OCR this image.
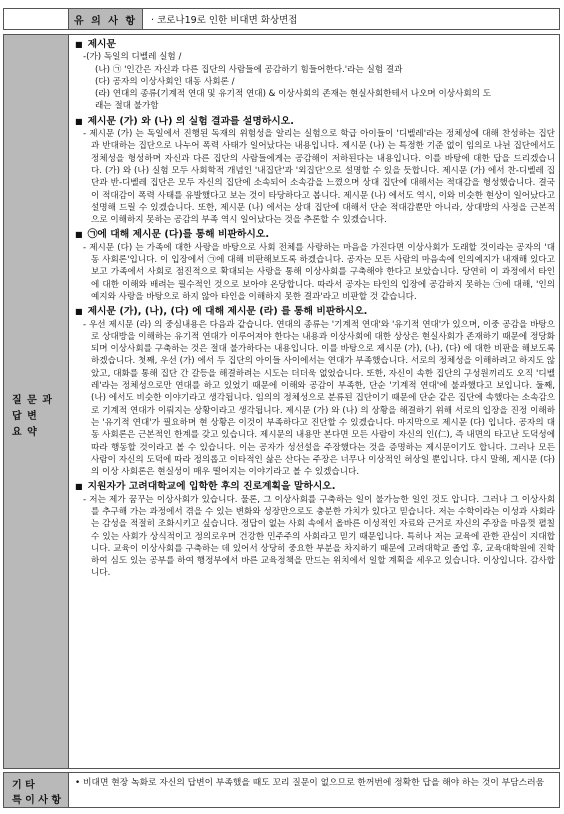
유 의 사 항	· 코로나19로 인한 비대면 화상면접
질 문 과
답 변
요 약
■ 제시문
-(가) 독일의 디벨레 실험 /
(나) ㉠ '인간은 자신과 다른 집단의 사람들에 공감하기 힘들어한다.'라는 실험 결과
(다) 공자의 이상사회인 대동 사회론 /
(라) 연대의 종류(기계적 연대 및 유기적 연대) & 이상사회의 존재는 현실사회한테서 나오며 이상사회의 도
래는 절대 불가함
■ 제시문 (가) 와 (나) 의 실험 결과를 설명하시오.
- 제시문 (가) 는 독일에서 진행된 독재의 위험성을 알리는 실험으로 학급 아이들이 '디벨레'라는 정체성에 대해 찬성하는 집단과 반대하는 집단으로 나누어 폭력 사태가 일어났다는 내용입니다. 제시문 (나) 는 특정한 기준 없이 임의로 나뉜 집단에서도 정체성을 형성하며 자신과 다른 집단의 사람들에게는 공감해이 저하된다는 내용입니다. 이를 바탕에 대한 답을 드리겠습니다. (가) 와 (나) 실험 모두 사회학적 개념인 '내집단'과 '외집단'으로 설명할 수 있을 듯합니다. 제시문 (가) 에서 찬-디벨레 집단과 반-디벨레 집단은 모두 자신의 집단에 소속되어 소속감을 느꼈으며 상대 집단에 대해서는 적대감을 형성했습니다. 결국 이 적대감이 폭력 사태를 유발했다고 보는 것이 타당하다고 봅니다. 제시문 (나) 에서도 역시, 이와 비슷한 현상이 일어났다고 설명해 드릴 수 있겠습니다. 또한, 제시문 (나) 에서는 상대 집단에 대해서 단순 적대감뿐만 아니라, 상대방의 사정을 근본적으로 이해하지 못하는 공감의 부족 역시 일어났다는 것을 추론할 수 있겠습니다.
■ ㉠에 대해 제시문 (다)를 통해 비판하시오.
- 제시문 (다) 는 가족에 대한 사랑을 바탕으로 사회 전체를 사랑하는 마음을 가진다면 이상사회가 도래할 것이라는 공자의 '대동 사회론'입니다. 이 입장에서 ㉠에 대해 비판해보도록 하겠습니다. 공자는 모든 사람의 마음속에 인의예지가 내재해 있다고 보고 가족에서 사회로 점진적으로 확대되는 사랑을 통해 이상사회를 구축해야 한다고 보았습니다. 당연히 이 과정에서 타인에 대한 이해와 배려는 필수적인 것으로 보아야 온당합니다. 따라서 공자는 타인의 입장에 공감하지 못하는 ㉠에 대해, '인의예지와 사랑을 바탕으로 하지 않아 타인을 이해하지 못한 결과'라고 비판할 것 같습니다.
■ 제시문 (가), (나), (다) 에 대해 제시문 (라) 를 통해 비판하시오.
- 우선 제시문 (라) 의 중심내용은 다음과 같습니다. 연대의 종류는 '기계적 연대'와 '유기적 연대'가 있으며, 이중 공감을 바탕으로 상대방을 이해하는 유기적 연대가 이루어져야 한다는 내용과 이상사회에 대한 상상은 현실사회가 존재하기 때문에 정당화되며 이상사회를 구축하는 것은 절대 불가하다는 내용입니다. 이를 바탕으로 제시문 (가), (나), (다) 에 대한 비판을 해보도록 하겠습니다. 첫째, 우선 (가) 에서 두 집단의 아이들 사이에서는 연대가 부족했습니다. 서로의 정체성을 이해하려고 하지도 않았고, 대화를 통해 집단 간 갈등을 해결하려는 시도는 더더욱 없었습니다. 또한, 자신이 속한 집단의 구성원끼리도 오직 '디벨레'라는 정체성으로만 연대를 하고 있었기 때문에 이해와 공감이 부족한, 단순 '기계적 연대'에 불과했다고 보입니다. 둘째, (나) 에서도 비슷한 이야기라고 생각됩니다. 임의의 정체성으로 분류된 집단이기 때문에 단순 같은 집단에 속했다는 소속감으로 기계적 연대가 이뤄지는 상황이라고 생각됩니다. 제시문 (가) 와 (나) 의 상황을 해결하기 위해 서로의 입장을 진정 이해하는 '유기적 연대'가 필요하며 현 상황은 이것이 부족하다고 진단할 수 있겠습니다. 마지막으로 제시문 (다) 입니다. 공자의 대동 사회론은 근본적인 한계를 갖고 있습니다. 제시문의 내용만 본다면 모든 사람이 자신의 인(仁), 즉 내면의 타고난 도덕성에 따라 행동할 것이라고 볼 수 있습니다. 이는 공자가 성선설을 주장했다는 것을 증명하는 제시문이기도 합니다. 그러나 모든 사람이 자신의 도덕에 따라 정의롭고 이타적인 삶은 산다는 주장은 너무나 이상적인 허상일 뿐입니다. 다시 말해, 제시문 (다) 의 이상 사회론은 현실성이 매우 떨어지는 이야기라고 볼 수 있겠습니다.
■ 지원자가 고려대학교에 입학한 후의 진로계획을 말하시오.
- 저는 제가 꿈꾸는 이상사회가 있습니다. 물론, 그 이상사회를 구축하는 일이 불가능한 일인 것도 압니다. 그러나 그 이상사회를 추구해 가는 과정에서 겪을 수 있는 변화와 성장만으로도 충분한 가치가 있다고 믿습니다. 저는 수학이라는 이성과 사회라는 감성을 적절히 조화시키고 싶습니다. 정답이 없는 사회 속에서 올바른 이성적인 자료와 근거로 자신의 주장을 마음껏 펼칠 수 있는 사회가 상식적이고 정의로우며 건강한 민주주의 사회라고 믿기 때문입니다. 특히나 저는 교육에 관한 관심이 지대합니다. 교육이 이상사회를 구축하는 데 있어서 상당히 중요한 부분을 차지하기 때문에 고려대학교 졸업 후, 교육대학원에 진학하여 심도 있는 공부를 하여 행정부에서 바른 교육정책을 만드는 위치에서 일할 계획을 세우고 있습니다. 이상입니다. 감사합니다.
기 타
특 이 사 항
• 비대면 현장 녹화로 자신의 답변이 부족했을 때도 꼬리 질문이 없으므로 한꺼번에 정확한 답을 해야 하는 것이 부담스러움
